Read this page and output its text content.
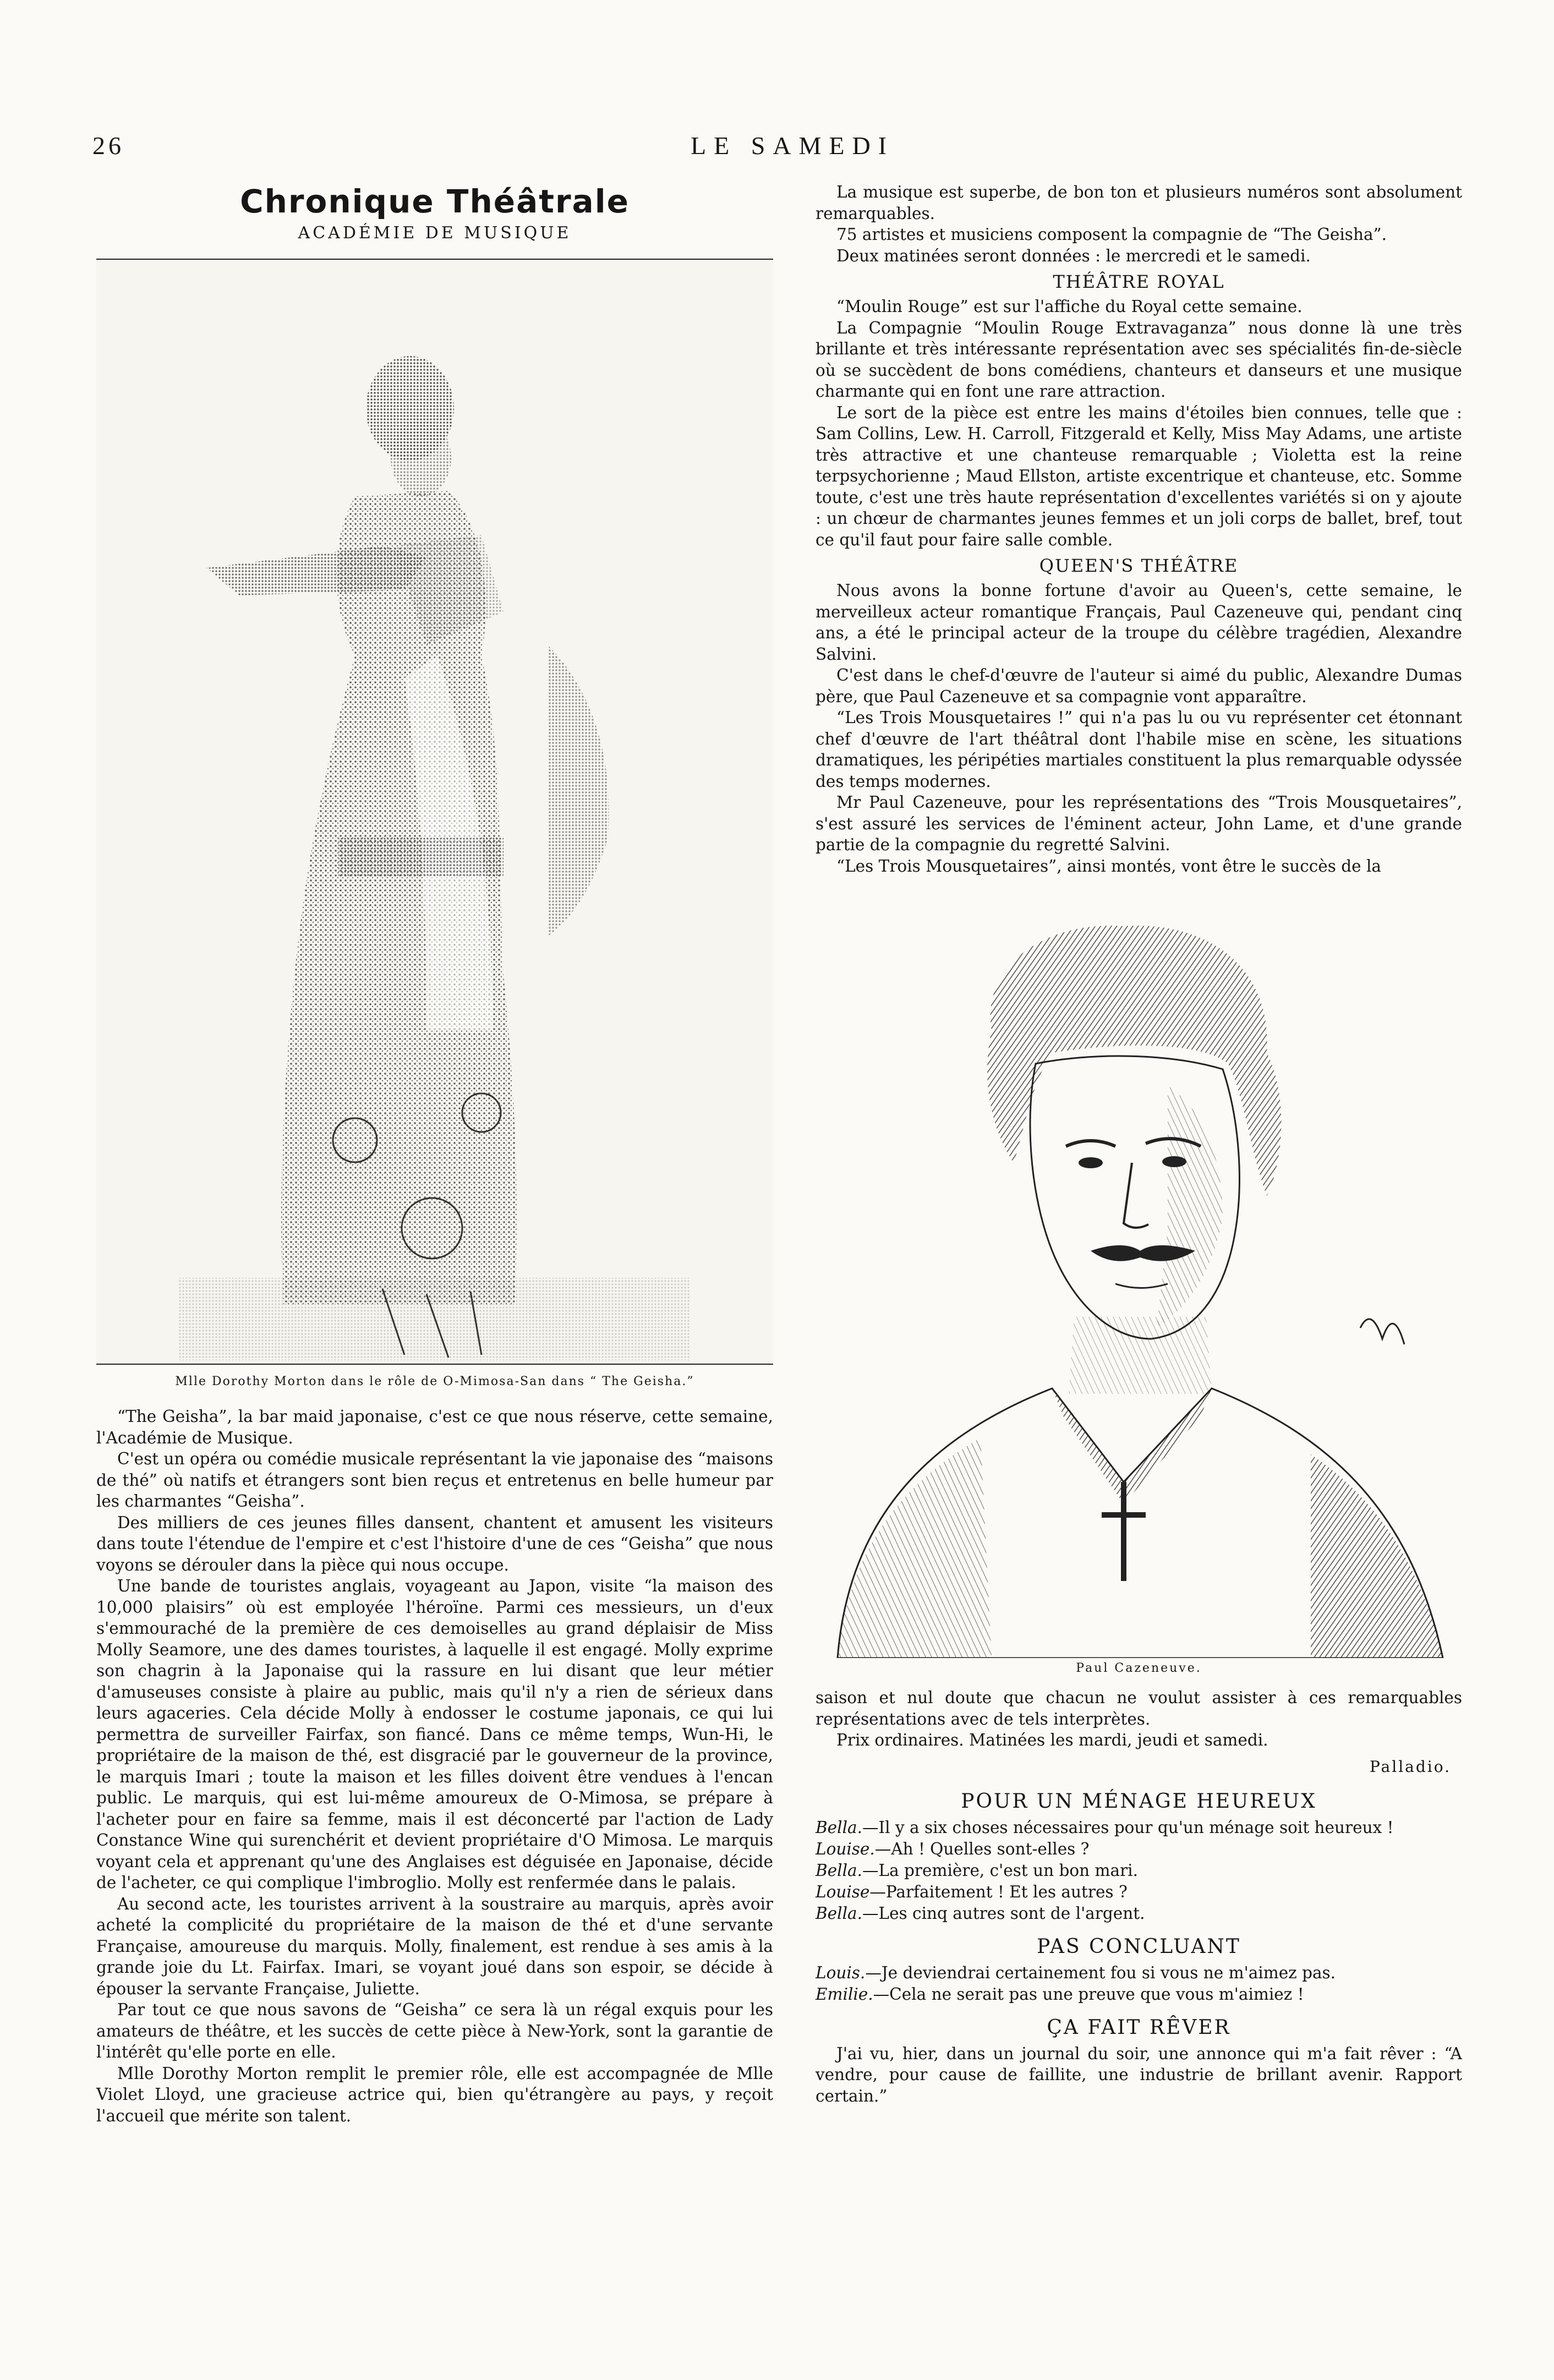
26	LE SAMEDI
Chronique Théâtrale
ACADÉMIE DE MUSIQUE
Mlle Dorothy Morton dans le rôle de O-Mimosa-San dans “ The Geisha.”

“The Geisha”, la bar maid japonaise, c'est ce que nous réserve, cette semaine, l'Académie de Musique.

C'est un opéra ou comédie musicale représentant la vie japonaise des “maisons de thé” où natifs et étrangers sont bien reçus et entretenus en belle humeur par les charmantes “Geisha”.

Des milliers de ces jeunes filles dansent, chantent et amusent les visiteurs dans toute l'étendue de l'empire et c'est l'histoire d'une de ces “Geisha” que nous voyons se dérouler dans la pièce qui nous occupe.

Une bande de touristes anglais, voyageant au Japon, visite “la maison des 10,000 plaisirs” où est employée l'héroïne. Parmi ces messieurs, un d'eux s'emmouraché de la première de ces demoiselles au grand déplaisir de Miss Molly Seamore, une des dames touristes, à laquelle il est engagé. Molly exprime son chagrin à la Japonaise qui la rassure en lui disant que leur métier d'amuseuses consiste à plaire au public, mais qu'il n'y a rien de sérieux dans leurs agaceries. Cela décide Molly à endosser le costume japonais, ce qui lui permettra de surveiller Fairfax, son fiancé. Dans ce même temps, Wun-Hi, le propriétaire de la maison de thé, est disgracié par le gouverneur de la province, le marquis Imari ; toute la maison et les filles doivent être vendues à l'encan public. Le marquis, qui est lui-même amoureux de O-Mimosa, se prépare à l'acheter pour en faire sa femme, mais il est déconcerté par l'action de Lady Constance Wine qui surenchérit et devient propriétaire d'O Mimosa. Le marquis voyant cela et apprenant qu'une des Anglaises est déguisée en Japonaise, décide de l'acheter, ce qui complique l'imbroglio. Molly est renfermée dans le palais.

Au second acte, les touristes arrivent à la soustraire au marquis, après avoir acheté la complicité du propriétaire de la maison de thé et d'une servante Française, amoureuse du marquis. Molly, finalement, est rendue à ses amis à la grande joie du Lt. Fairfax. Imari, se voyant joué dans son espoir, se décide à épouser la servante Française, Juliette.

Par tout ce que nous savons de “Geisha” ce sera là un régal exquis pour les amateurs de théâtre, et les succès de cette pièce à New-York, sont la garantie de l'intérêt qu'elle porte en elle.

Mlle Dorothy Morton remplit le premier rôle, elle est accompagnée de Mlle Violet Lloyd, une gracieuse actrice qui, bien qu'étrangère au pays, y reçoit l'accueil que mérite son talent.

La musique est superbe, de bon ton et plusieurs numéros sont absolument remarquables.

75 artistes et musiciens composent la compagnie de “The Geisha”.

Deux matinées seront données : le mercredi et le samedi.

THÉÂTRE ROYAL

“Moulin Rouge” est sur l'affiche du Royal cette semaine.

La Compagnie “Moulin Rouge Extravaganza” nous donne là une très brillante et très intéressante représentation avec ses spécialités fin-de-siècle où se succèdent de bons comédiens, chanteurs et danseurs et une musique charmante qui en font une rare attraction.

Le sort de la pièce est entre les mains d'étoiles bien connues, telle que : Sam Collins, Lew. H. Carroll, Fitzgerald et Kelly, Miss May Adams, une artiste très attractive et une chanteuse remarquable ; Violetta est la reine terpsychorienne ; Maud Ellston, artiste excentrique et chanteuse, etc. Somme toute, c'est une très haute représentation d'excellentes variétés si on y ajoute : un chœur de charmantes jeunes femmes et un joli corps de ballet, bref, tout ce qu'il faut pour faire salle comble.

QUEEN'S THÉÂTRE

Nous avons la bonne fortune d'avoir au Queen's, cette semaine, le merveilleux acteur romantique Français, Paul Cazeneuve qui, pendant cinq ans, a été le principal acteur de la troupe du célèbre tragédien, Alexandre Salvini.

C'est dans le chef-d'œuvre de l'auteur si aimé du public, Alexandre Dumas père, que Paul Cazeneuve et sa compagnie vont apparaître.

“Les Trois Mousquetaires !” qui n'a pas lu ou vu représenter cet étonnant chef d'œuvre de l'art théâtral dont l'habile mise en scène, les situations dramatiques, les péripéties martiales constituent la plus remarquable odyssée des temps modernes.

Mr Paul Cazeneuve, pour les représentations des “Trois Mousquetaires”, s'est assuré les services de l'éminent acteur, John Lame, et d'une grande partie de la compagnie du regretté Salvini.

“Les Trois Mousquetaires”, ainsi montés, vont être le succès de la

Paul Cazeneuve.

saison et nul doute que chacun ne voulut assister à ces remarquables représentations avec de tels interprètes.

Prix ordinaires. Matinées les mardi, jeudi et samedi.

Palladio.
POUR UN MÉNAGE HEUREUX
Bella.—Il y a six choses nécessaires pour qu'un ménage soit heureux !
Louise.—Ah ! Quelles sont-elles ?
Bella.—La première, c'est un bon mari.
Louise—Parfaitement ! Et les autres ?
Bella.—Les cinq autres sont de l'argent.
PAS CONCLUANT
Louis.—Je deviendrai certainement fou si vous ne m'aimez pas.
Emilie.—Cela ne serait pas une preuve que vous m'aimiez !
ÇA FAIT RÊVER

J'ai vu, hier, dans un journal du soir, une annonce qui m'a fait rêver : “A vendre, pour cause de faillite, une industrie de brillant avenir. Rapport certain.”
